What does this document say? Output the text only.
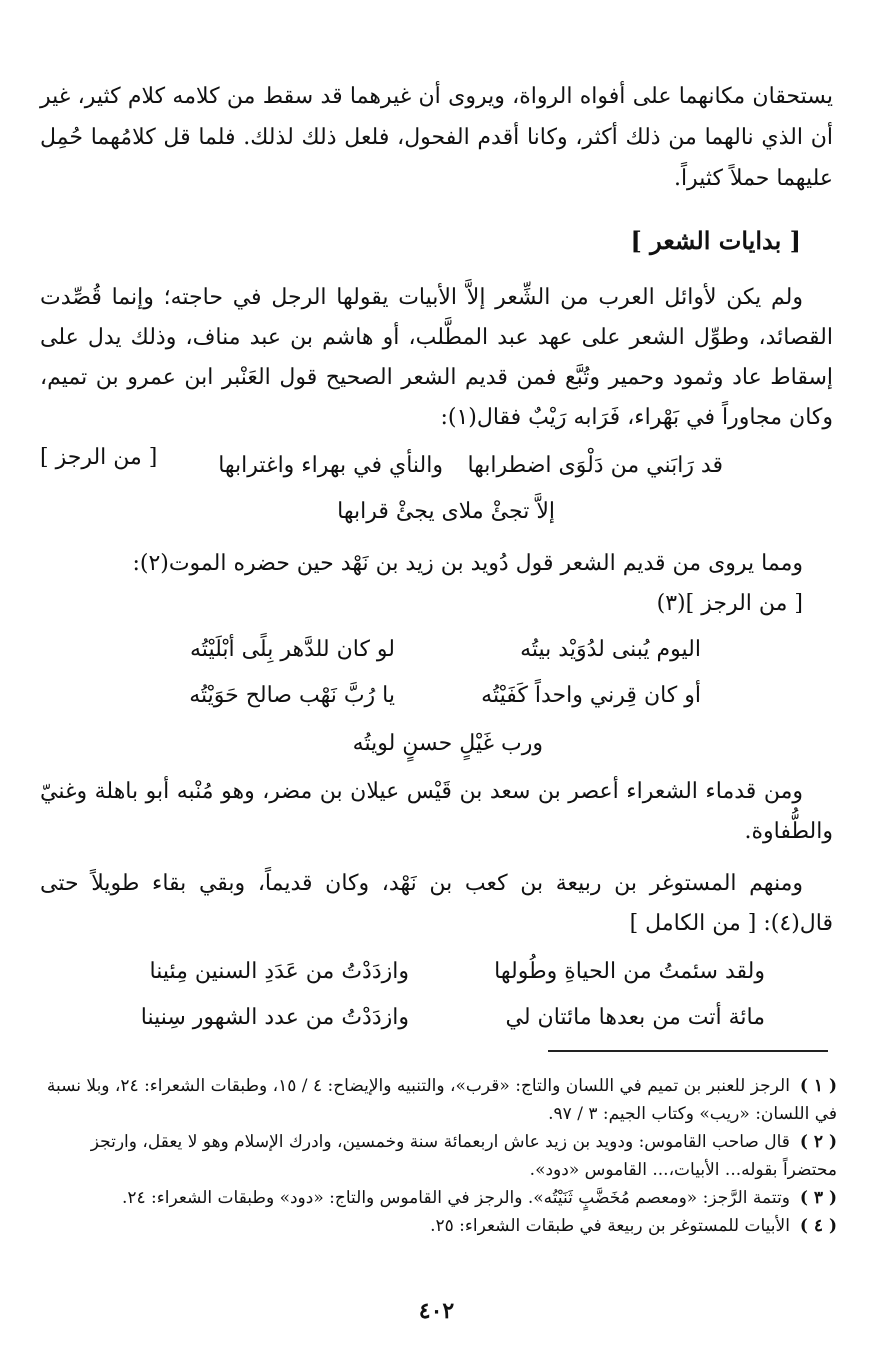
يستحقان مكانهما على أفواه الرواة، ويروى أن غيرهما قد سقط من كلامه كلام كثير، غير أن الذي نالهما من ذلك أكثر، وكانا أقدم الفحول، فلعل ذلك لذلك. فلما قل كلامُهما حُمِل عليهما حملاً كثيراً.

[ بدايات الشعر ]

ولم يكن لأوائل العرب من الشِّعر إلاَّ الأبيات يقولها الرجل في حاجته؛ وإنما قُصِّدت القصائد، وطوِّل الشعر على عهد عبد المطَّلب، أو هاشم بن عبد مناف، وذلك يدل على إسقاط عاد وثمود وحمير وتُبَّع فمن قديم الشعر الصحيح قول العَنْبر ابن عمرو بن تميم، وكان مجاوراً في بَهْراء، فَرَابه رَيْبٌ فقال(١):
[ من الرجز ]	قد رَابَني من دَلْوَى اضطرابها
والنأي في بهراء واغترابها
إلاَّ تجئْ ملاى يجئْ قرابها

ومما يروى من قديم الشعر قول دُويد بن زيد بن نَهْد حين حضره الموت(٢):
[ من الرجز ](٣)

اليوم يُبنى لدُوَيْد بيتُه
لو كان للدَّهر بِلًى أبْلَيْتُه
أو كان قِرني واحداً كَفَيْتُه
يا رُبَّ نَهْب صالح حَوَيْتُه
ورب غَيْلٍ حسنٍ لويتُه

ومن قدماء الشعراء أعصر بن سعد بن قَيْس عيلان بن مضر، وهو مُنْبه أبو باهلة وغنيّ والطُّفاوة.

ومنهم المستوغر بن ربيعة بن كعب بن نَهْد، وكان قديماً، وبقي بقاء طويلاً حتى قال(٤): [ من الكامل ]

ولقد سئمتُ من الحياةِ وطُولها
وازدَدْتُ من عَدَدِ السنين مِئينا
مائة أتت من بعدها مائتان لي
وازدَدْتُ من عدد الشهور سِنينا

( ١ )الرجز للعنبر بن تميم في اللسان والتاج: «قرب»، والتنبيه والإيضاح: ٤ / ١٥، وطبقات الشعراء: ٢٤، وبلا نسبة في اللسان: «ريب» وكتاب الجيم: ٣ / ٩٧.

( ٢ )قال صاحب القاموس: ودويد بن زيد عاش اربعمائة سنة وخمسين، وادرك الإسلام وهو لا يعقل، وارتجز محتضراً بقوله... الأبيات،... القاموس «دود».

( ٣ )وتتمة الرَّجز: «ومعصم مُخَضَّبٍ ثَنَيْتُه». والرجز في القاموس والتاج: «دود» وطبقات الشعراء: ٢٤.

( ٤ )الأبيات للمستوغر بن ربيعة في طبقات الشعراء: ٢٥.

٤٠٢
